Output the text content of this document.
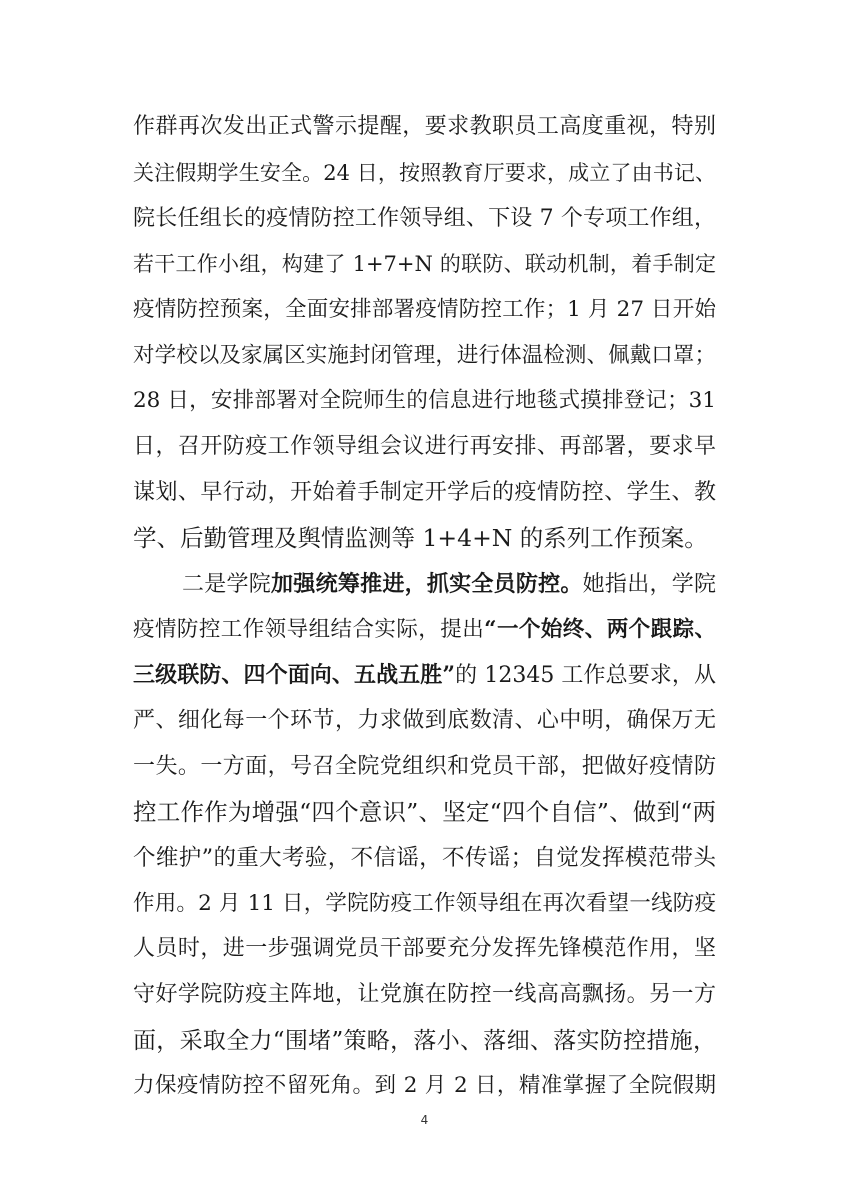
作群再次发出正式警示提醒，要求教职员工高度重视，特别
关注假期学生安全。24 日，按照教育厅要求，成立了由书记、
院长任组长的疫情防控工作领导组、下设 7 个专项工作组，
若干工作小组，构建了 1+7+N 的联防、联动机制，着手制定
疫情防控预案，全面安排部署疫情防控工作；1 月 27 日开始
对学校以及家属区实施封闭管理，进行体温检测、佩戴口罩；
28 日，安排部署对全院师生的信息进行地毯式摸排登记；31
日，召开防疫工作领导组会议进行再安排、再部署，要求早
谋划、早行动，开始着手制定开学后的疫情防控、学生、教
学、后勤管理及舆情监测等 1+4+N 的系列工作预案。
二是学院加强统筹推进，抓实全员防控。她指出，学院
疫情防控工作领导组结合实际，提出“一个始终、两个跟踪、
三级联防、四个面向、五战五胜”的 12345 工作总要求，从
严、细化每一个环节，力求做到底数清、心中明，确保万无
一失。一方面，号召全院党组织和党员干部，把做好疫情防
控工作作为增强“四个意识”、坚定“四个自信”、做到“两
个维护”的重大考验，不信谣，不传谣；自觉发挥模范带头
作用。2 月 11 日，学院防疫工作领导组在再次看望一线防疫
人员时，进一步强调党员干部要充分发挥先锋模范作用，坚
守好学院防疫主阵地，让党旗在防控一线高高飘扬。另一方
面，采取全力“围堵”策略，落小、落细、落实防控措施，
力保疫情防控不留死角。到 2 月 2 日，精准掌握了全院假期
4
